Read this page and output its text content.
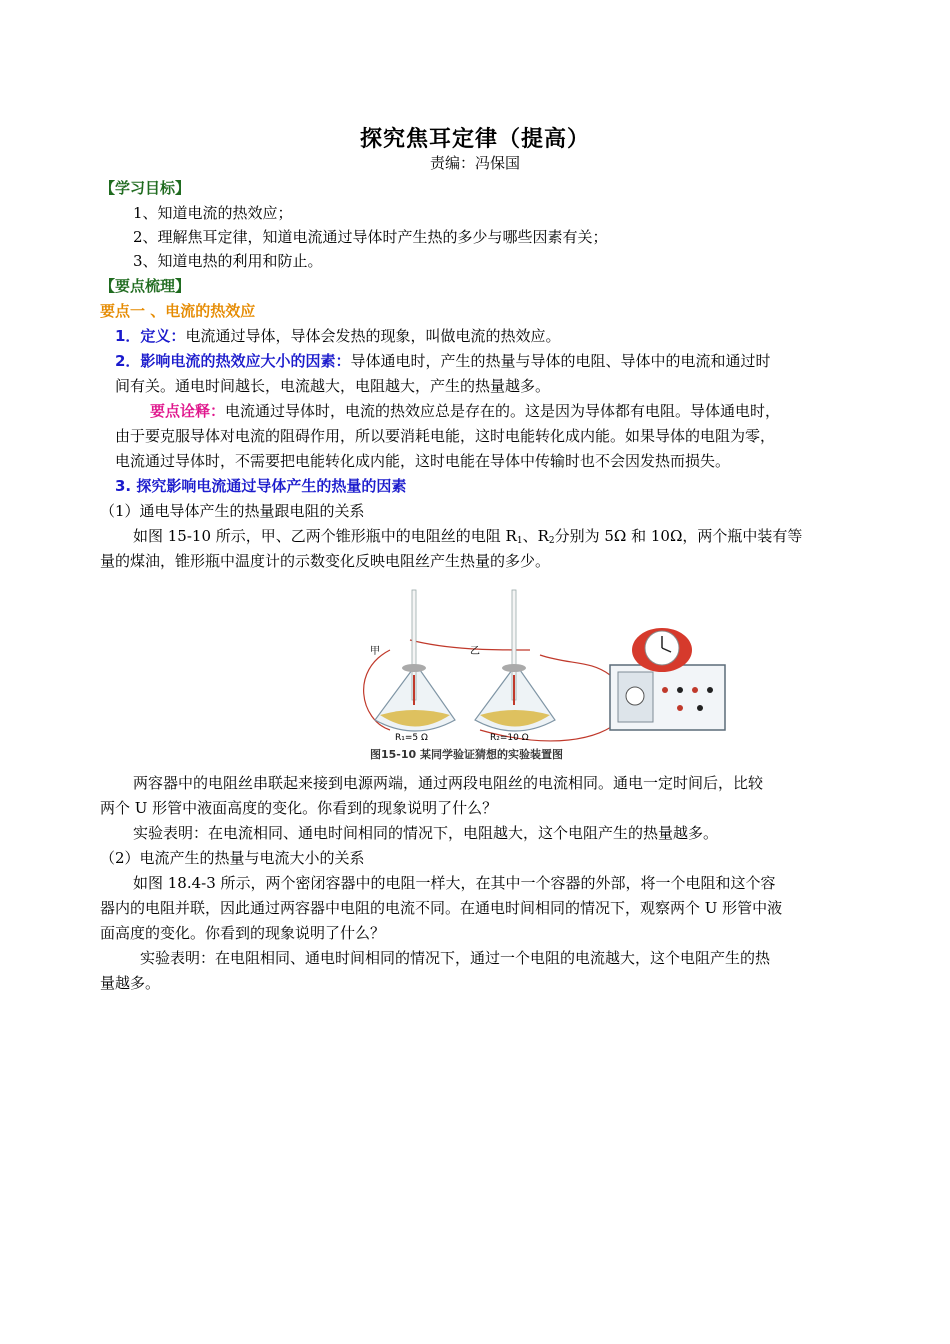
探究焦耳定律（提高）
责编：冯保国
【学习目标】
1、知道电流的热效应；
2、理解焦耳定律，知道电流通过导体时产生热的多少与哪些因素有关；
3、知道电热的利用和防止。
【要点梳理】
要点一 、电流的热效应
1．定义：电流通过导体，导体会发热的现象，叫做电流的热效应。
2．影响电流的热效应大小的因素：导体通电时，产生的热量与导体的电阻、导体中的电流和通过时
间有关。通电时间越长，电流越大，电阻越大，产生的热量越多。
要点诠释：电流通过导体时，电流的热效应总是存在的。这是因为导体都有电阻。导体通电时，
由于要克服导体对电流的阻碍作用，所以要消耗电能，这时电能转化成内能。如果导体的电阻为零，
电流通过导体时，不需要把电能转化成内能，这时电能在导体中传输时也不会因发热而损失。
3. 探究影响电流通过导体产生的热量的因素
（1）通电导体产生的热量跟电阻的关系
如图 15-10 所示，甲、乙两个锥形瓶中的电阻丝的电阻 $R_1$、$R_2$分别为 5Ω 和 10Ω，两个瓶中装有等
量的煤油，锥形瓶中温度计的示数变化反映电阻丝产生热量的多少。
甲	乙
R₁=5 Ω	R₂=10 Ω
图15-10 某同学验证猜想的实验装置图
两容器中的电阻丝串联起来接到电源两端，通过两段电阻丝的电流相同。通电一定时间后，比较
两个 U 形管中液面高度的变化。你看到的现象说明了什么？
实验表明：在电流相同、通电时间相同的情况下，电阻越大，这个电阻产生的热量越多。
（2）电流产生的热量与电流大小的关系
如图 18.4-3 所示，两个密闭容器中的电阻一样大，在其中一个容器的外部，将一个电阻和这个容
器内的电阻并联，因此通过两容器中电阻的电流不同。在通电时间相同的情况下，观察两个 U 形管中液
面高度的变化。你看到的现象说明了什么？
实验表明：在电阻相同、通电时间相同的情况下，通过一个电阻的电流越大，这个电阻产生的热
量越多。
